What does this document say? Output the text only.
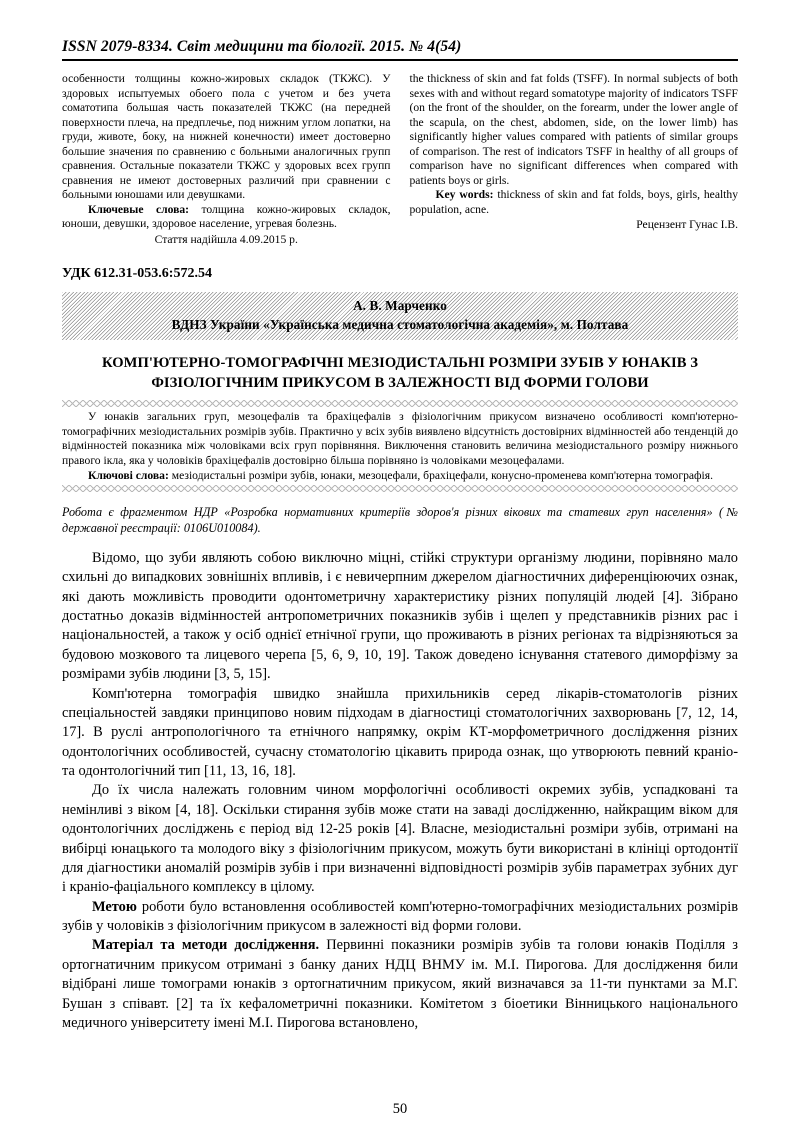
ISSN 2079-8334. Світ медицини та біології. 2015. № 4(54)

особенности толщины кожно-жировых складок (ТКЖС). У здоровых испытуемых обоего пола с учетом и без учета соматотипа большая часть показателей ТКЖС (на передней поверхности плеча, на предплечье, под нижним углом лопатки, на груди, животе, боку, на нижней конечности) имеет достоверно большие значения по сравнению с больными аналогичных групп сравнения. Остальные показатели ТКЖС у здоровых всех групп сравнения не имеют достоверных различий при сравнении с больными юношами или девушками.

Ключевые слова: толщина кожно-жировых складок, юноши, девушки, здоровое население, угревая болезнь.

Стаття надійшла 4.09.2015 р.

the thickness of skin and fat folds (TSFF). In normal subjects of both sexes with and without regard somatotype majority of indicators TSFF (on the front of the shoulder, on the forearm, under the lower angle of the scapula, on the chest, abdomen, side, on the lower limb) has significantly higher values compared with patients of similar groups of comparison. The rest of indicators TSFF in healthy of all groups of comparison have no significant differences when compared with patients boys or girls.

Key words: thickness of skin and fat folds, boys, girls, healthy population, acne.

Рецензент Гунас І.В.
УДК 612.31-053.6:572.54
А. В. Марченко
ВДНЗ України «Українська медична стоматологічна академія», м. Полтава
КОМП'ЮТЕРНО-ТОМОГРАФІЧНІ МЕЗІОДИСТАЛЬНІ РОЗМІРИ ЗУБІВ У ЮНАКІВ З ФІЗІОЛОГІЧНИМ ПРИКУСОМ В ЗАЛЕЖНОСТІ ВІД ФОРМИ ГОЛОВИ

У юнаків загальних груп, мезоцефалів та брахіцефалів з фізіологічним прикусом визначено особливості комп'ютерно-томографічних мезіодистальних розмірів зубів. Практично у всіх зубів виявлено відсутність достовірних відмінностей або тенденцій до відмінностей показника між чоловіками всіх груп порівняння. Виключення становить величина мезіодистального розміру нижнього правого ікла, яка у чоловіків брахіцефалів достовірно більша порівняно із чоловіками мезоцефалами.

Ключові слова: мезіодистальні розміри зубів, юнаки, мезоцефали, брахіцефали, конусно-променева комп'ютерна томографія.

Робота є фрагментом НДР «Розробка нормативних критеріїв здоров'я різних вікових та статевих груп населення» (№ державної реєстрації: 0106U010084).

Відомо, що зуби являють собою виключно міцні, стійкі структури організму людини, порівняно мало схильні до випадкових зовнішніх впливів, і є невичерпним джерелом діагностичних диференціюючих ознак, які дають можливість проводити одонтометричну характеристику різних популяцій людей [4]. Зібрано достатньо доказів відмінностей антропометричних показників зубів і щелеп у представників різних рас і національностей, а також у осіб однієї етнічної групи, що проживають в різних регіонах та відрізняються за будовою мозкового та лицевого черепа [5, 6, 9, 10, 19]. Також доведено існування статевого диморфізму за розмірами зубів людини [3, 5, 15].

Комп'ютерна томографія швидко знайшла прихильників серед лікарів-стоматологів різних спеціальностей завдяки принципово новим підходам в діагностиці стоматологічних захворювань [7, 12, 14, 17]. В руслі антропологічного та етнічного напрямку, окрім КТ-морфометричного дослідження різних одонтологічних особливостей, сучасну стоматологію цікавить природа ознак, що утворюють певний краніо- та одонтологічний тип [11, 13, 16, 18].

До їх числа належать головним чином морфологічні особливості окремих зубів, успадковані та немінливі з віком [4, 18]. Оскільки стирання зубів може стати на заваді дослідженню, найкращим віком для одонтологічних досліджень є період від 12-25 років [4]. Власне, мезіодистальні розміри зубів, отримані на вибірці юнацького та молодого віку з фізіологічним прикусом, можуть бути використані в клініці ортодонтії для діагностики аномалій розмірів зубів і при визначенні відповідності розмірів зубів параметрах зубних дуг і краніо-фаціального комплексу в цілому.

Метою роботи було встановлення особливостей комп'ютерно-томографічних мезіодистальних розмірів зубів у чоловіків з фізіологічним прикусом в залежності від форми голови.

Матеріал та методи дослідження. Первинні показники розмірів зубів та голови юнаків Поділля з ортогнатичним прикусом отримані з банку даних НДЦ ВНМУ ім. М.І. Пирогова. Для дослідження били відібрані лише томограми юнаків з ортогнатичним прикусом, який визначався за 11-ти пунктами за М.Г. Бушан з співавт. [2] та їх кефалометричні показники. Комітетом з біоетики Вінницького національного медичного університету імені М.І. Пирогова встановлено,

50
